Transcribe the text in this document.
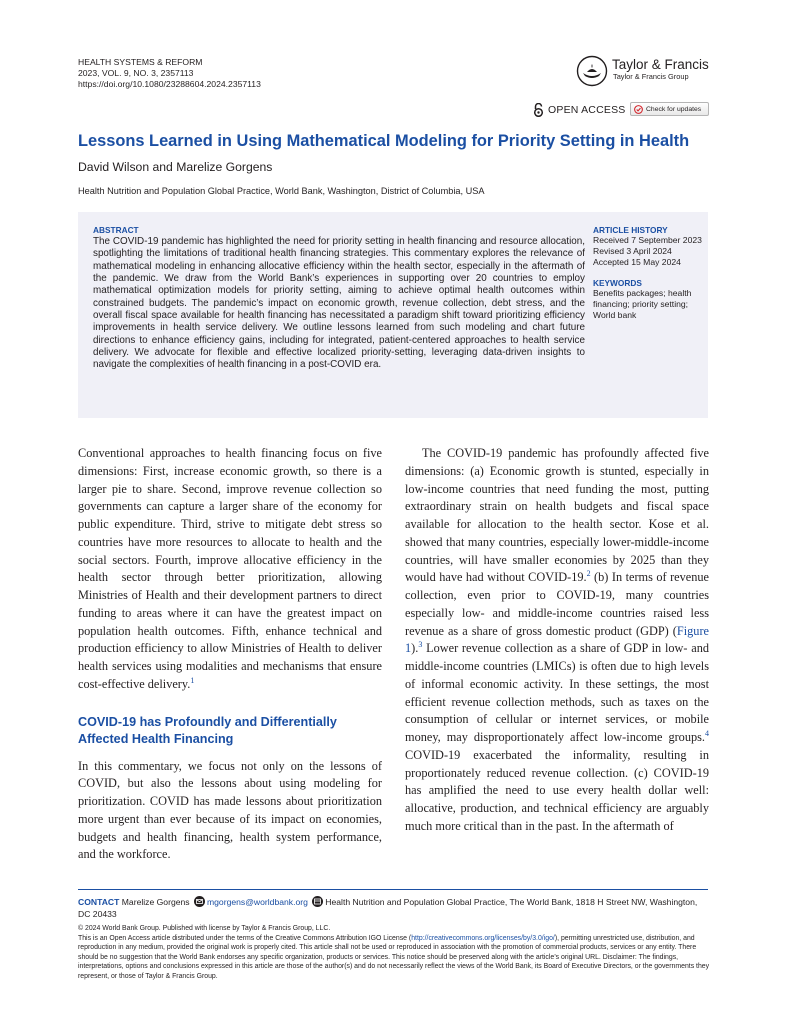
HEALTH SYSTEMS & REFORM
2023, VOL. 9, NO. 3, 2357113
https://doi.org/10.1080/23288604.2024.2357113
Taylor & Francis
Taylor & Francis Group
OPEN ACCESS	Check for updates
Lessons Learned in Using Mathematical Modeling for Priority Setting in Health
David Wilson and Marelize Gorgens
Health Nutrition and Population Global Practice, World Bank, Washington, District of Columbia, USA
ABSTRACT
The COVID-19 pandemic has highlighted the need for priority setting in health financing and resource allocation, spotlighting the limitations of traditional health financing strategies. This commentary explores the relevance of mathematical modeling in enhancing allocative efficiency within the health sector, especially in the aftermath of the pandemic. We draw from the World Bank’s experiences in supporting over 20 countries to employ mathematical optimization models for priority setting, aiming to achieve optimal health outcomes within constrained budgets. The pandemic’s impact on economic growth, revenue collection, debt stress, and the overall fiscal space available for health financing has necessitated a paradigm shift toward prioritizing efficiency improvements in health service delivery. We outline lessons learned from such modeling and chart future directions to enhance efficiency gains, including for integrated, patient-centered approaches to health service delivery. We advocate for flexible and effective localized priority-setting, leveraging data-driven insights to navigate the complexities of health financing in a post-COVID era.
ARTICLE HISTORY
Received 7 September 2023
Revised 3 April 2024
Accepted 15 May 2024
KEYWORDS
Benefits packages; health financing; priority setting; World bank

Conventional approaches to health financing focus on five dimensions: First, increase economic growth, so there is a larger pie to share. Second, improve revenue collection so governments can capture a larger share of the economy for public expenditure. Third, strive to mitigate debt stress so countries have more resources to allocate to health and the social sectors. Fourth, improve allocative efficiency in the health sector through better prioritization, allowing Ministries of Health and their development partners to direct funding to areas where it can have the greatest impact on population health outcomes. Fifth, enhance technical and production efficiency to allow Ministries of Health to deliver health services using modalities and mechanisms that ensure cost-effective delivery.$^1$

COVID-19 has Profoundly and Differentially Affected Health Financing

In this commentary, we focus not only on the lessons of COVID, but also the lessons about using modeling for prioritization. COVID has made lessons about prioritization more urgent than ever because of its impact on economies, budgets and health financing, health system performance, and the workforce.

The COVID-19 pandemic has profoundly affected five dimensions: (a) Economic growth is stunted, especially in low-income countries that need funding the most, putting extraordinary strain on health budgets and fiscal space available for allocation to the health sector. Kose et al. showed that many countries, especially lower-middle-income countries, will have smaller economies by 2025 than they would have had without COVID-19.$^2$ (b) In terms of revenue collection, even prior to COVID-19, many countries especially low- and middle-income countries raised less revenue as a share of gross domestic product (GDP) (Figure 1).$^3$ Lower revenue collection as a share of GDP in low- and middle-income countries (LMICs) is often due to high levels of informal economic activity. In these settings, the most efficient revenue collection methods, such as taxes on the consumption of cellular or internet services, or mobile money, may disproportionately affect low-income groups.$^4$ COVID-19 exacerbated the informality, resulting in proportionately reduced revenue collection. (c) COVID-19 has amplified the need to use every health dollar well: allocative, production, and technical efficiency are arguably much more critical than in the past. In the aftermath of

CONTACT Marelize Gorgens mgorgens@worldbank.org Health Nutrition and Population Global Practice, The World Bank, 1818 H Street NW, Washington, DC 20433
© 2024 World Bank Group. Published with license by Taylor & Francis Group, LLC.
This is an Open Access article distributed under the terms of the Creative Commons Attribution IGO License (http://creativecommons.org/licenses/by/3.0/igo/), permitting unrestricted use, distribution, and reproduction in any medium, provided the original work is properly cited. This article shall not be used or reproduced in association with the promotion of commercial products, services or any entity. There should be no suggestion that the World Bank endorses any specific organization, products or services. This notice should be preserved along with the article’s original URL. Disclaimer: The findings, interpretations, options and conclusions expressed in this article are those of the author(s) and do not necessarily reflect the views of the World Bank, its Board of Executive Directors, or the governments they represent, or those of Taylor & Francis Group.
